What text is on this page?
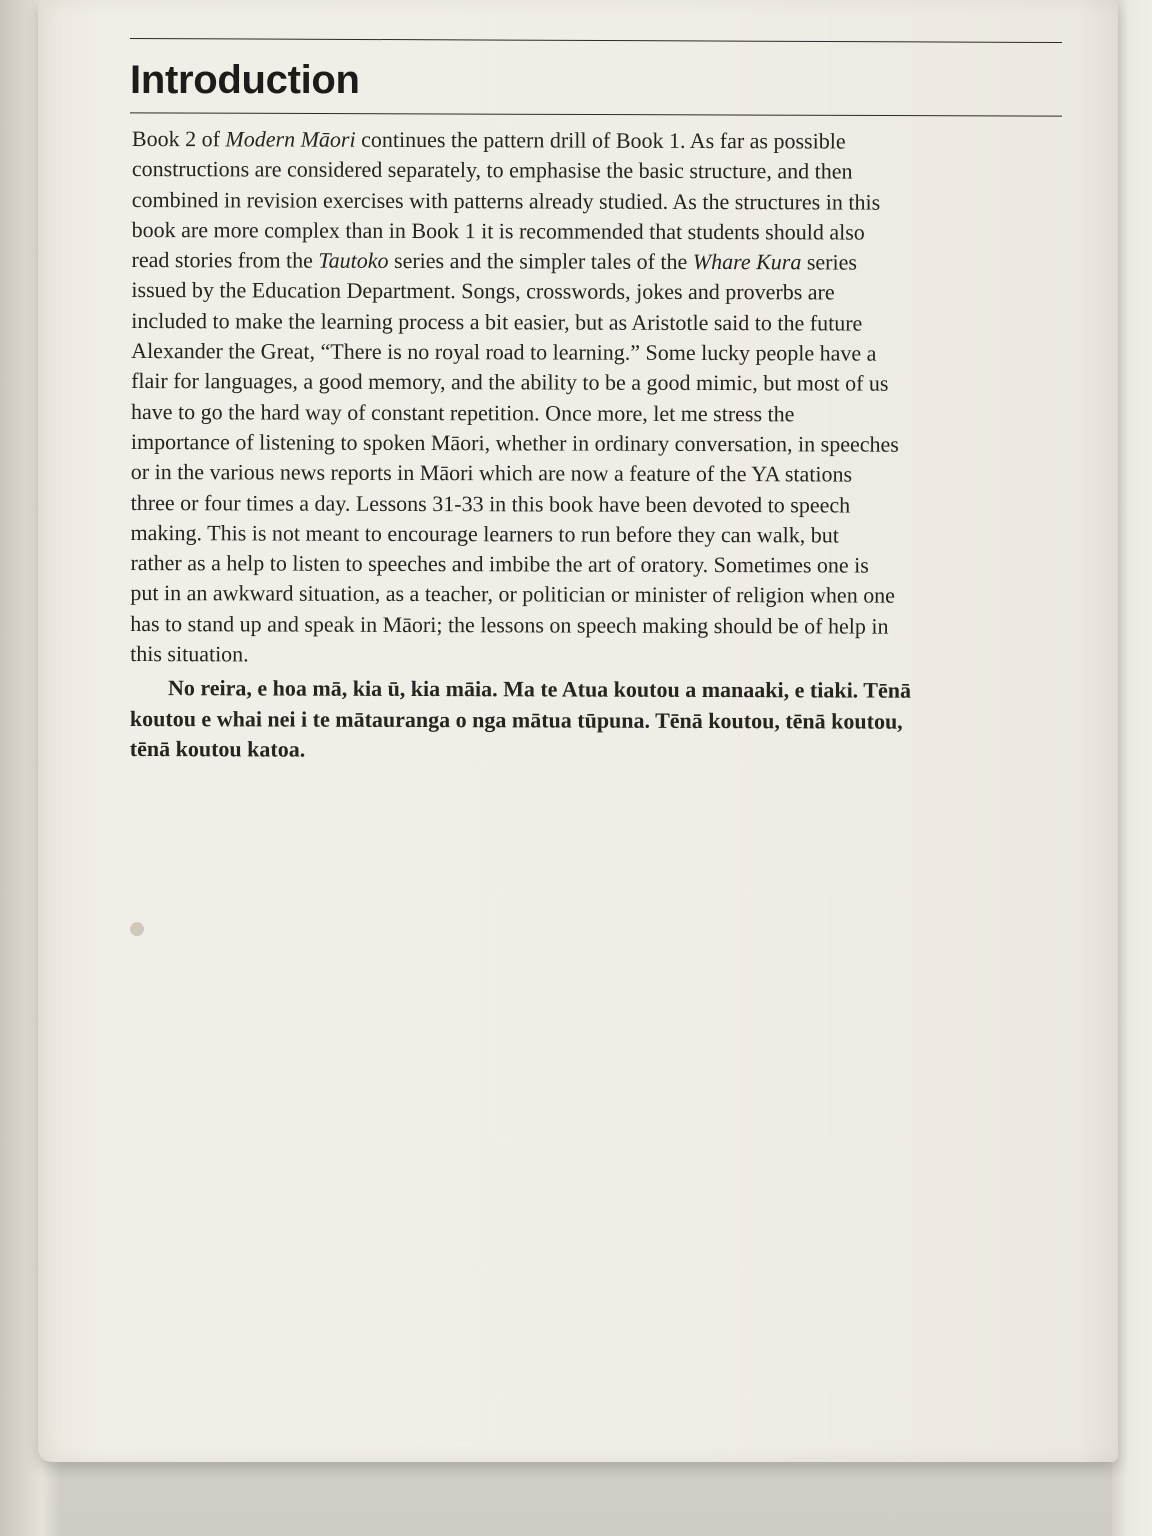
Introduction

Book 2 of Modern Māori continues the pattern drill of Book 1. As far as possible

constructions are considered separately, to emphasise the basic structure, and then

combined in revision exercises with patterns already studied. As the structures in this

book are more complex than in Book 1 it is recommended that students should also

read stories from the Tautoko series and the simpler tales of the Whare Kura series

issued by the Education Department. Songs, crosswords, jokes and proverbs are

included to make the learning process a bit easier, but as Aristotle said to the future

Alexander the Great, “There is no royal road to learning.” Some lucky people have a

flair for languages, a good memory, and the ability to be a good mimic, but most of us

have to go the hard way of constant repetition. Once more, let me stress the

importance of listening to spoken Māori, whether in ordinary conversation, in speeches

or in the various news reports in Māori which are now a feature of the YA stations

three or four times a day. Lessons 31-33 in this book have been devoted to speech

making. This is not meant to encourage learners to run before they can walk, but

rather as a help to listen to speeches and imbibe the art of oratory. Sometimes one is

put in an awkward situation, as a teacher, or politician or minister of religion when one

has to stand up and speak in Māori; the lessons on speech making should be of help in

this situation.

No reira, e hoa mā, kia ū, kia māia. Ma te Atua koutou a manaaki, e tiaki. Tēnā

koutou e whai nei i te mātauranga o nga mātua tūpuna. Tēnā koutou, tēnā koutou,

tēnā koutou katoa.
